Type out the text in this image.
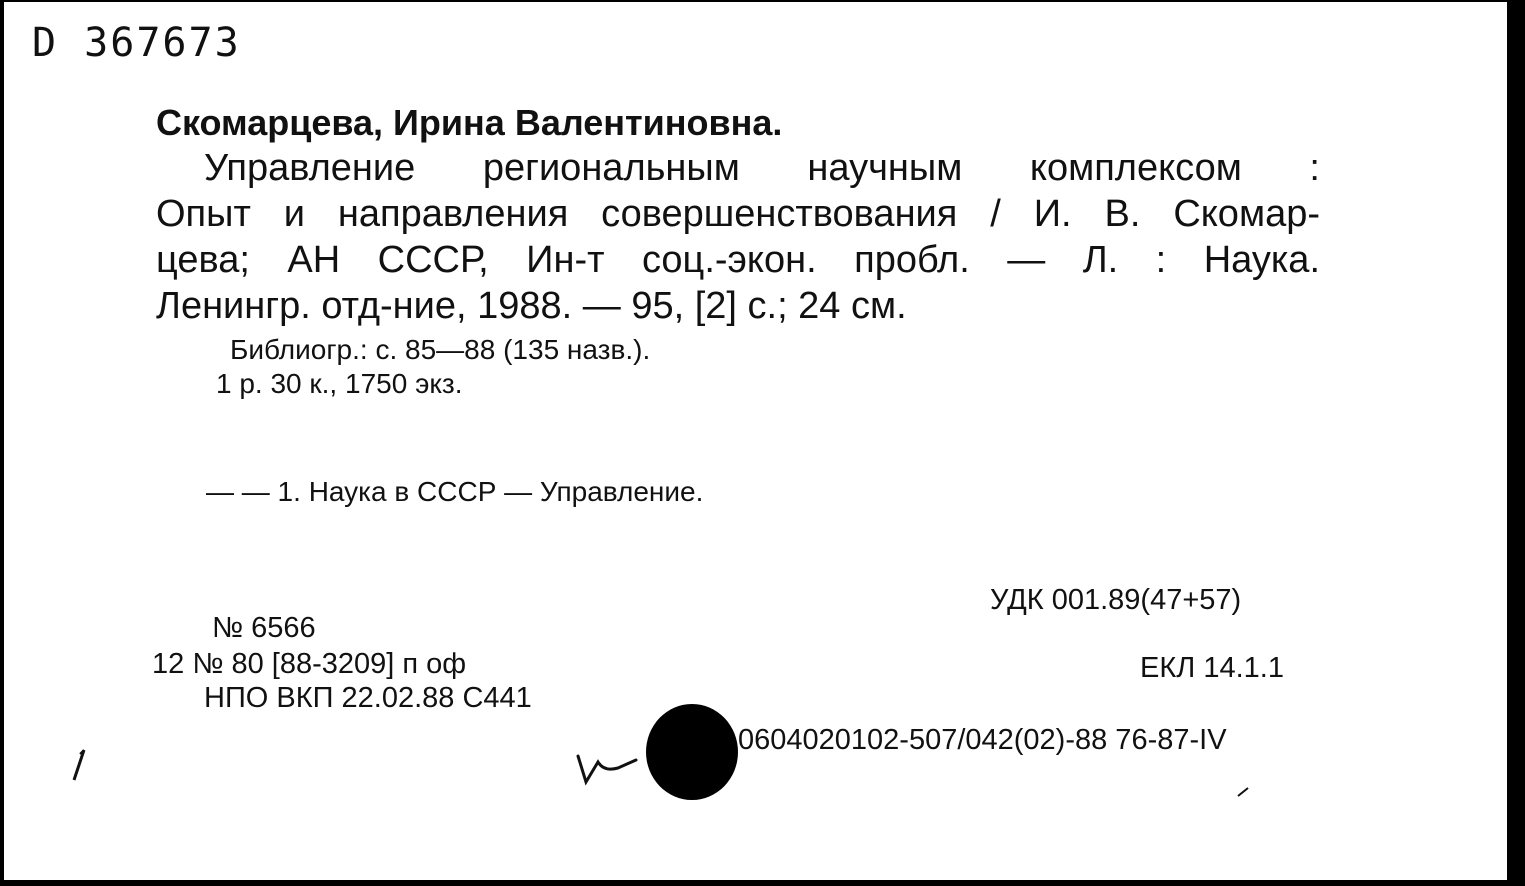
D 367673
Скомарцева, Ирина Валентиновна.
Управление региональным научным комплексом :
Опыт и направления совершенствования / И. В. Скомар-
цева; АН СССР, Ин-т соц.-экон. пробл. — Л. : Наука.
Ленингр. отд-ние, 1988. — 95, [2] с.; 24 см.
Библиогр.: с. 85—88 (135 назв.).
1 р. 30 к., 1750 экз.
— — 1. Наука в СССР — Управление.
УДК 001.89(47+57)
№ 6566
12 № 80 [88-3209] п оф	ЕКЛ 14.1.1
НПО ВКП 22.02.88 С441
0604020102-507/042(02)-88 76-87-IV
